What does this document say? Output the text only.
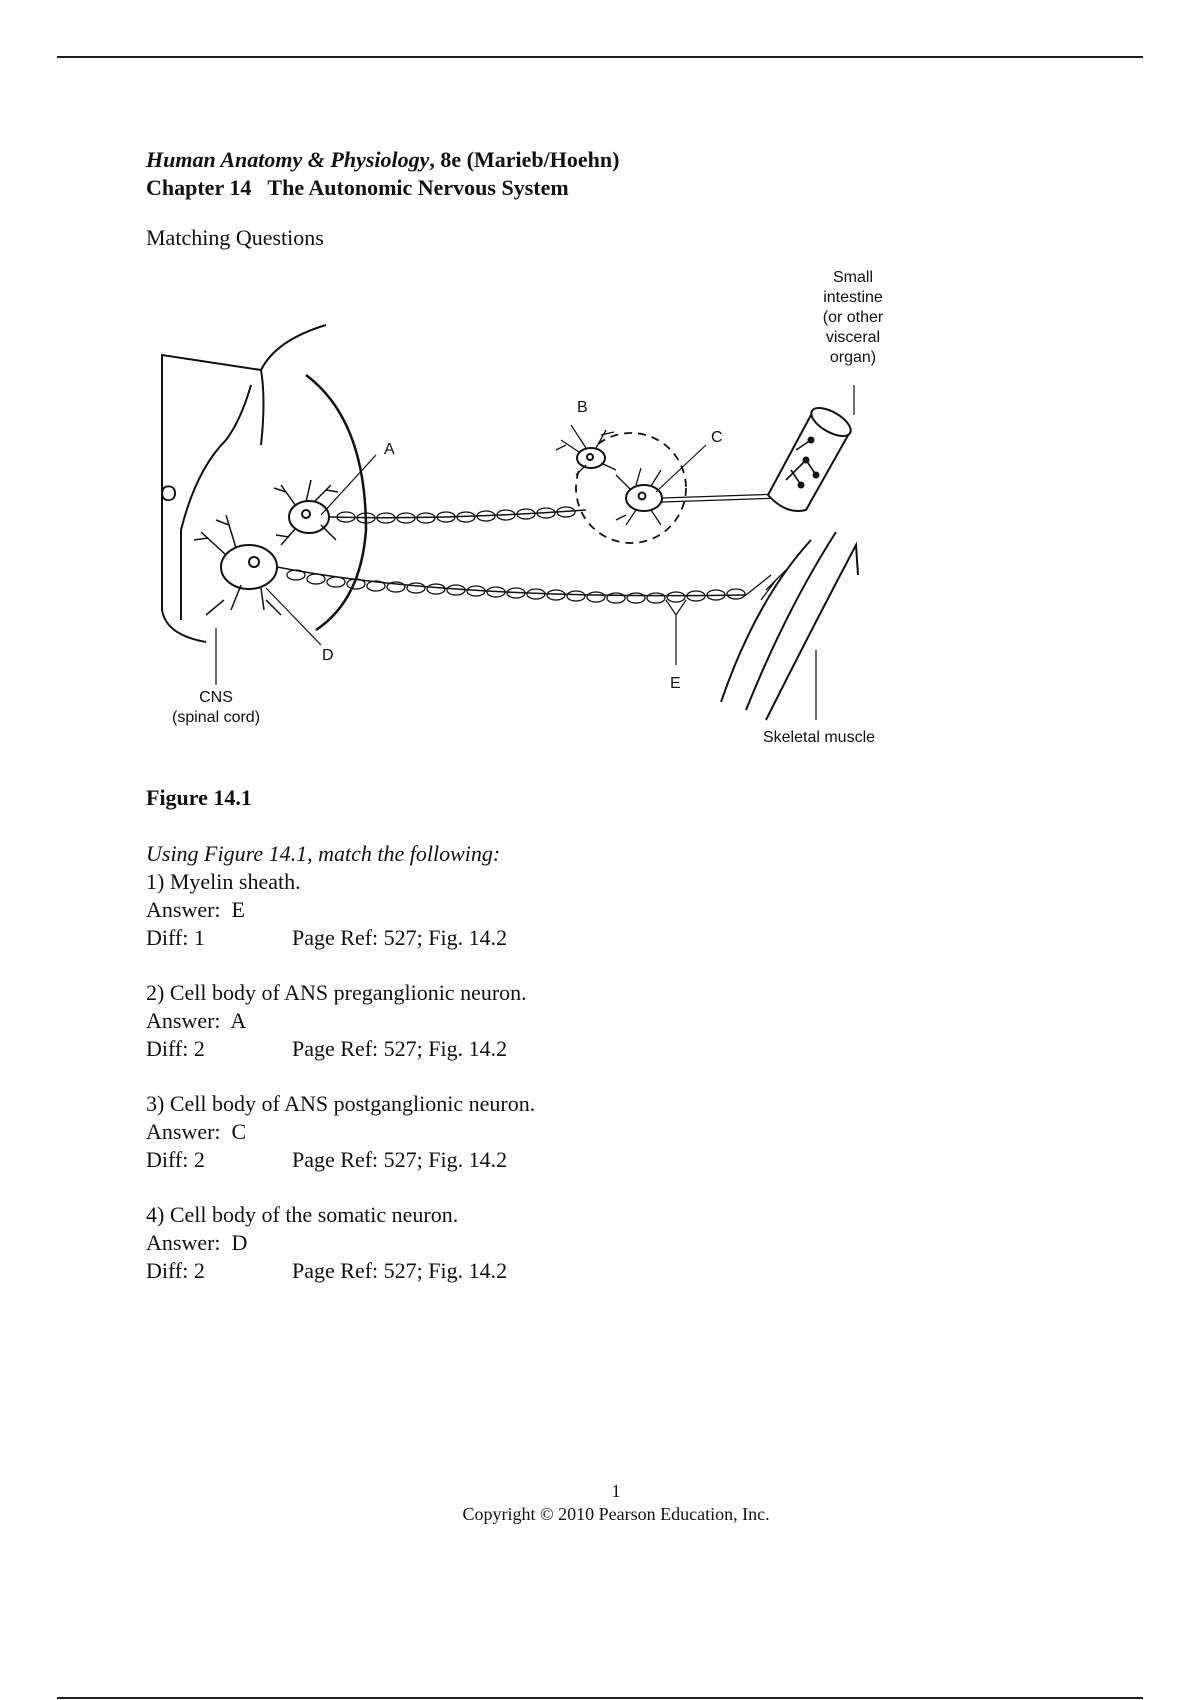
Human Anatomy & Physiology, 8e (Marieb/Hoehn)
Chapter 14   The Autonomic Nervous System
Matching Questions
Small
intestine
(or other
visceral
organ)
A
B
C
D
E
O
CNS
(spinal cord)
Skeletal muscle
Figure 14.1
Using Figure 14.1, match the following:
1) Myelin sheath.
Answer:  E
Diff: 1	Page Ref: 527; Fig. 14.2
2) Cell body of ANS preganglionic neuron.
Answer:  A
Diff: 2	Page Ref: 527; Fig. 14.2
3) Cell body of ANS postganglionic neuron.
Answer:  C
Diff: 2	Page Ref: 527; Fig. 14.2
4) Cell body of the somatic neuron.
Answer:  D
Diff: 2	Page Ref: 527; Fig. 14.2
1
Copyright © 2010 Pearson Education, Inc.
